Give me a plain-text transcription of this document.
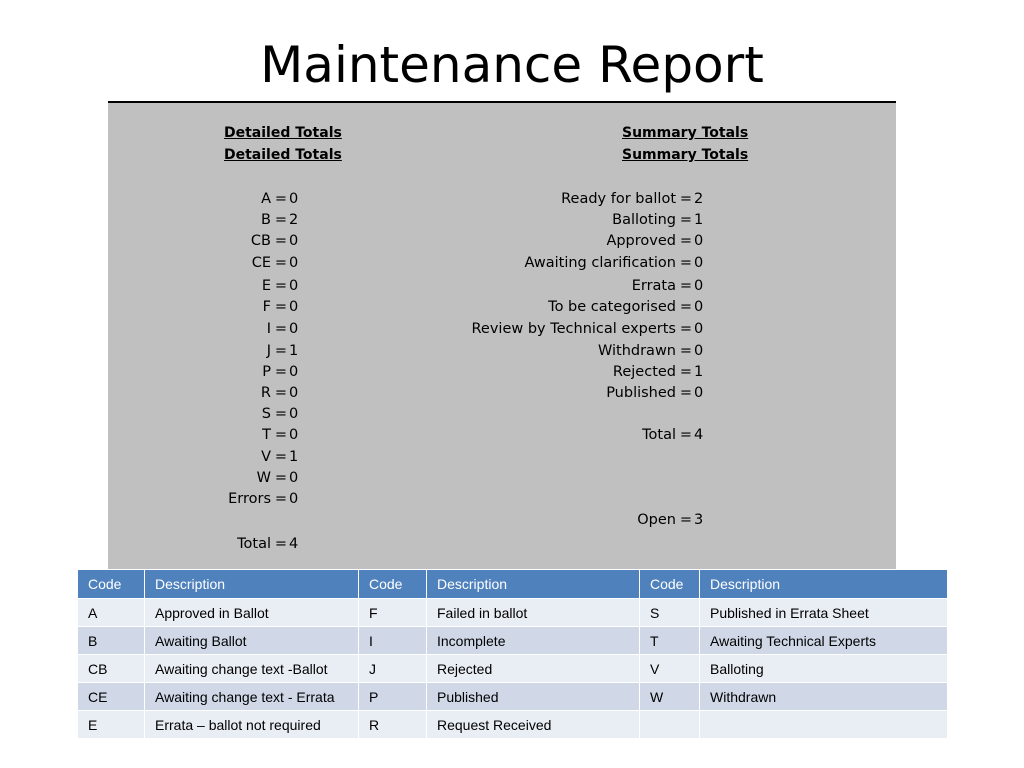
Maintenance Report
Detailed Totals
Detailed Totals
Summary Totals
Summary Totals
A = 0
B = 2
CB = 0
CE = 0
E = 0
F = 0
I = 0
J = 1
P = 0
R = 0
S = 0
T = 0
V = 1
W = 0
Errors = 0
Total = 4
Ready for ballot = 2
Balloting = 1
Approved = 0
Awaiting clarification = 0
Errata = 0
To be categorised = 0
Review by Technical experts = 0
Withdrawn = 0
Rejected = 1
Published = 0
Total = 4
Open = 3
Code	Description	Code	Description	Code	Description
A	Approved in Ballot	F	Failed in ballot	S	Published in Errata Sheet
B	Awaiting Ballot	I	Incomplete	T	Awaiting Technical Experts
CB	Awaiting change text -Ballot	J	Rejected	V	Balloting
CE	Awaiting change text - Errata	P	Published	W	Withdrawn
E	Errata – ballot not required	R	Request Received		
